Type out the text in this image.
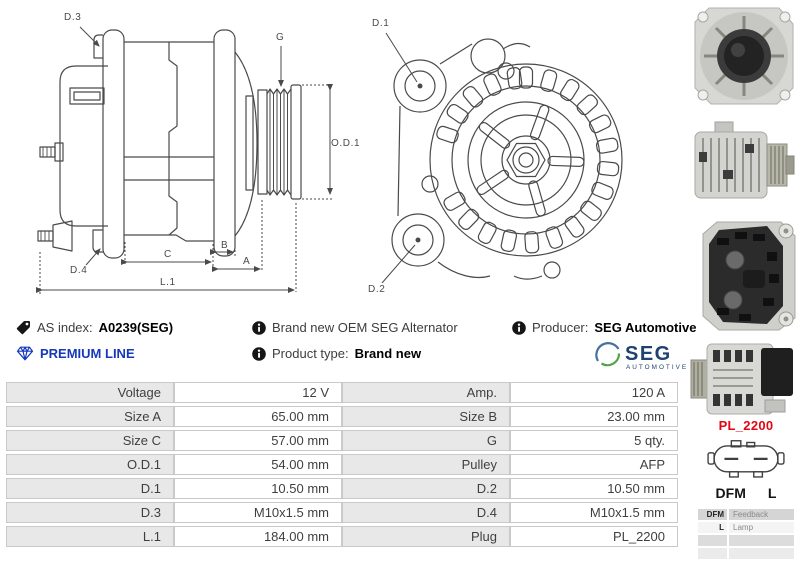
D.3
G
O.D.1
D.4
C
B
A
L.1
D.1
D.2
AS index: A0239(SEG)
PREMIUM LINE
Brand new OEM SEG Alternator
Product type: Brand new
Producer: SEG Automotive
SEG
AUTOMOTIVE
Voltage	12 V	Amp.	120 A
Size A	65.00 mm	Size B	23.00 mm
Size C	57.00 mm	G	5 qty.
O.D.1	54.00 mm	Pulley	AFP
D.1	10.50 mm	D.2	10.50 mm
D.3	M10x1.5 mm	D.4	M10x1.5 mm
L.1	184.00 mm	Plug	PL_2200
PL_2200
DFM L
DFM	Feedback
L	Lamp
